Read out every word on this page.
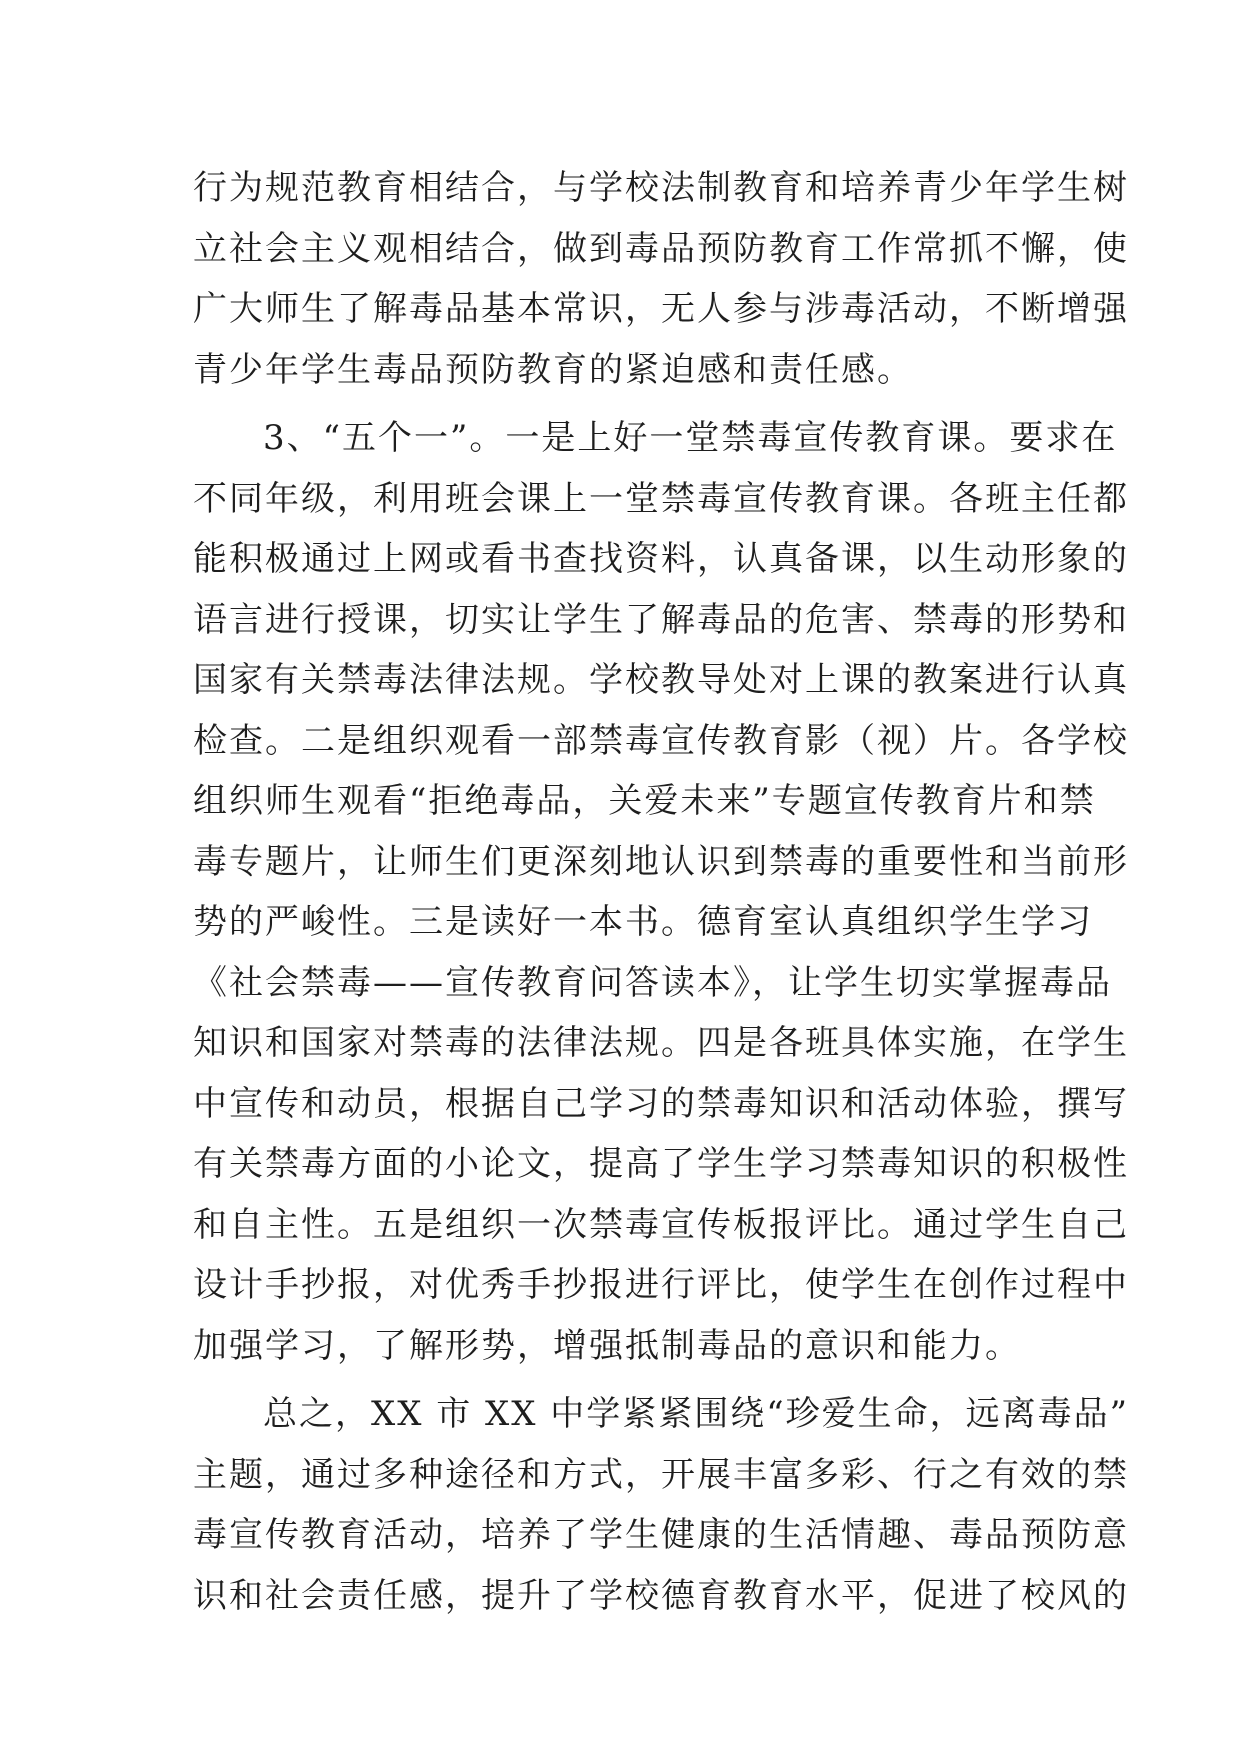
行为规范教育相结合，与学校法制教育和培养青少年学生树
立社会主义观相结合，做到毒品预防教育工作常抓不懈，使
广大师生了解毒品基本常识，无人参与涉毒活动，不断增强
青少年学生毒品预防教育的紧迫感和责任感。
3、“五个一”。一是上好一堂禁毒宣传教育课。要求在
不同年级，利用班会课上一堂禁毒宣传教育课。各班主任都
能积极通过上网或看书查找资料，认真备课，以生动形象的
语言进行授课，切实让学生了解毒品的危害、禁毒的形势和
国家有关禁毒法律法规。学校教导处对上课的教案进行认真
检查。二是组织观看一部禁毒宣传教育影（视）片。各学校
组织师生观看“拒绝毒品，关爱未来”专题宣传教育片和禁
毒专题片，让师生们更深刻地认识到禁毒的重要性和当前形
势的严峻性。三是读好一本书。德育室认真组织学生学习
《社会禁毒——宣传教育问答读本》，让学生切实掌握毒品
知识和国家对禁毒的法律法规。四是各班具体实施，在学生
中宣传和动员，根据自己学习的禁毒知识和活动体验，撰写
有关禁毒方面的小论文，提高了学生学习禁毒知识的积极性
和自主性。五是组织一次禁毒宣传板报评比。通过学生自己
设计手抄报，对优秀手抄报进行评比，使学生在创作过程中
加强学习，了解形势，增强抵制毒品的意识和能力。
总之，XX 市 XX 中学紧紧围绕“珍爱生命，远离毒品”
主题，通过多种途径和方式，开展丰富多彩、行之有效的禁
毒宣传教育活动，培养了学生健康的生活情趣、毒品预防意
识和社会责任感，提升了学校德育教育水平，促进了校风的
